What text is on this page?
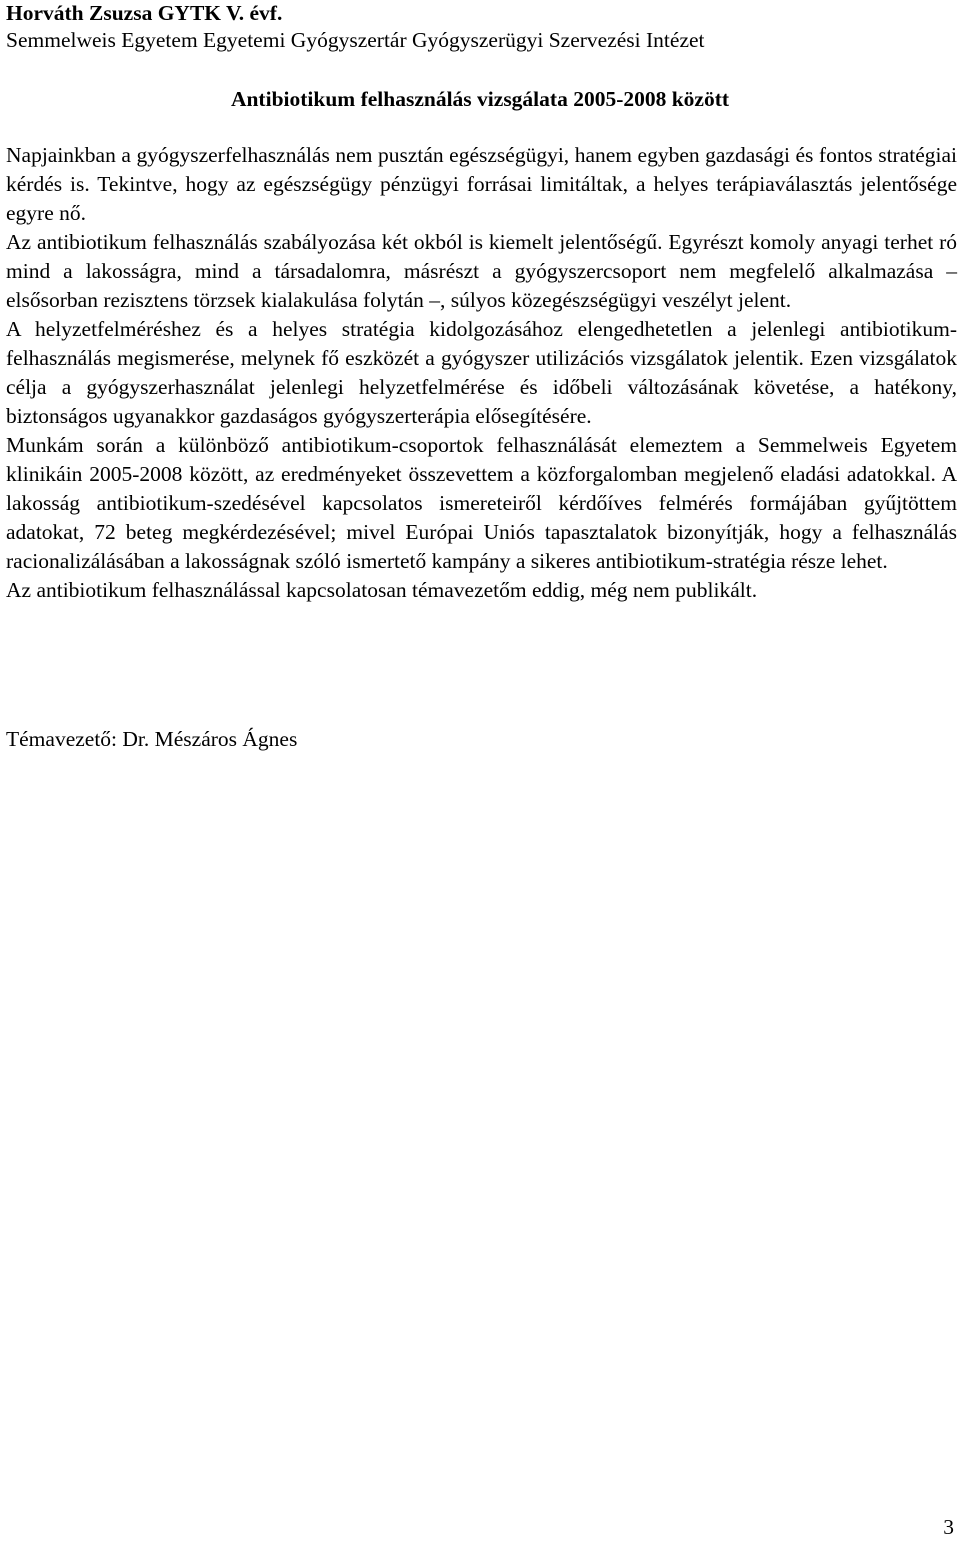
Horváth Zsuzsa GYTK V. évf.
Semmelweis Egyetem Egyetemi Gyógyszertár Gyógyszerügyi Szervezési Intézet
Antibiotikum felhasználás vizsgálata 2005-2008 között

Napjainkban a gyógyszerfelhasználás nem pusztán egészségügyi, hanem egyben gazdasági és fontos stratégiai kérdés is. Tekintve, hogy az egészségügy pénzügyi forrásai limitáltak, a helyes terápiaválasztás jelentősége egyre nő.

Az antibiotikum felhasználás szabályozása két okból is kiemelt jelentőségű. Egyrészt komoly anyagi terhet ró mind a lakosságra, mind a társadalomra, másrészt a gyógyszercsoport nem megfelelő alkalmazása – elsősorban rezisztens törzsek kialakulása folytán –, súlyos közegészségügyi veszélyt jelent.

A helyzetfelméréshez és a helyes stratégia kidolgozásához elengedhetetlen a jelenlegi antibiotikum-felhasználás megismerése, melynek fő eszközét a gyógyszer utilizációs vizsgálatok jelentik. Ezen vizsgálatok célja a gyógyszerhasználat jelenlegi helyzetfelmérése és időbeli változásának követése, a hatékony, biztonságos ugyanakkor gazdaságos gyógyszerterápia elősegítésére.

Munkám során a különböző antibiotikum-csoportok felhasználását elemeztem a Semmelweis Egyetem klinikáin 2005-2008 között, az eredményeket összevettem a közforgalomban megjelenő eladási adatokkal. A lakosság antibiotikum-szedésével kapcsolatos ismereteiről kérdőíves felmérés formájában gyűjtöttem adatokat, 72 beteg megkérdezésével; mivel Európai Uniós tapasztalatok bizonyítják, hogy a felhasználás racionalizálásában a lakosságnak szóló ismertető kampány a sikeres antibiotikum-stratégia része lehet.

Az antibiotikum felhasználással kapcsolatosan témavezetőm eddig, még nem publikált.

Témavezető: Dr. Mészáros Ágnes
3
